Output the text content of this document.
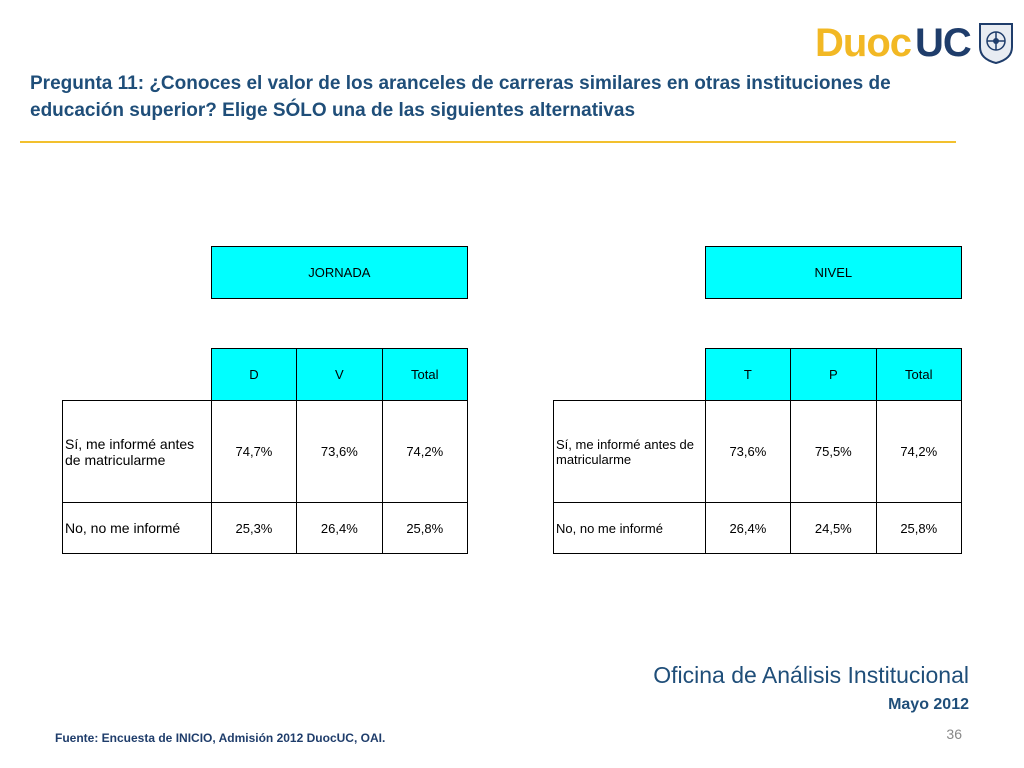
Pregunta 11: ¿Conoces el valor de los aranceles de carreras similares en otras instituciones de educación superior? Elige SÓLO una de las siguientes alternativas
Duoc UC
	JORNADA		

	D	V	Total
Sí, me informé antes de matricularme	74,7%	73,6%	74,2%
No, no me informé	25,3%	26,4%	25,8%
	NIVEL		

	T	P	Total
Sí, me informé antes de matricularme	73,6%	75,5%	74,2%
No, no me informé	26,4%	24,5%	25,8%
Oficina de Análisis Institucional
Mayo 2012
36
Fuente: Encuesta de INICIO, Admisión 2012 DuocUC, OAI.
